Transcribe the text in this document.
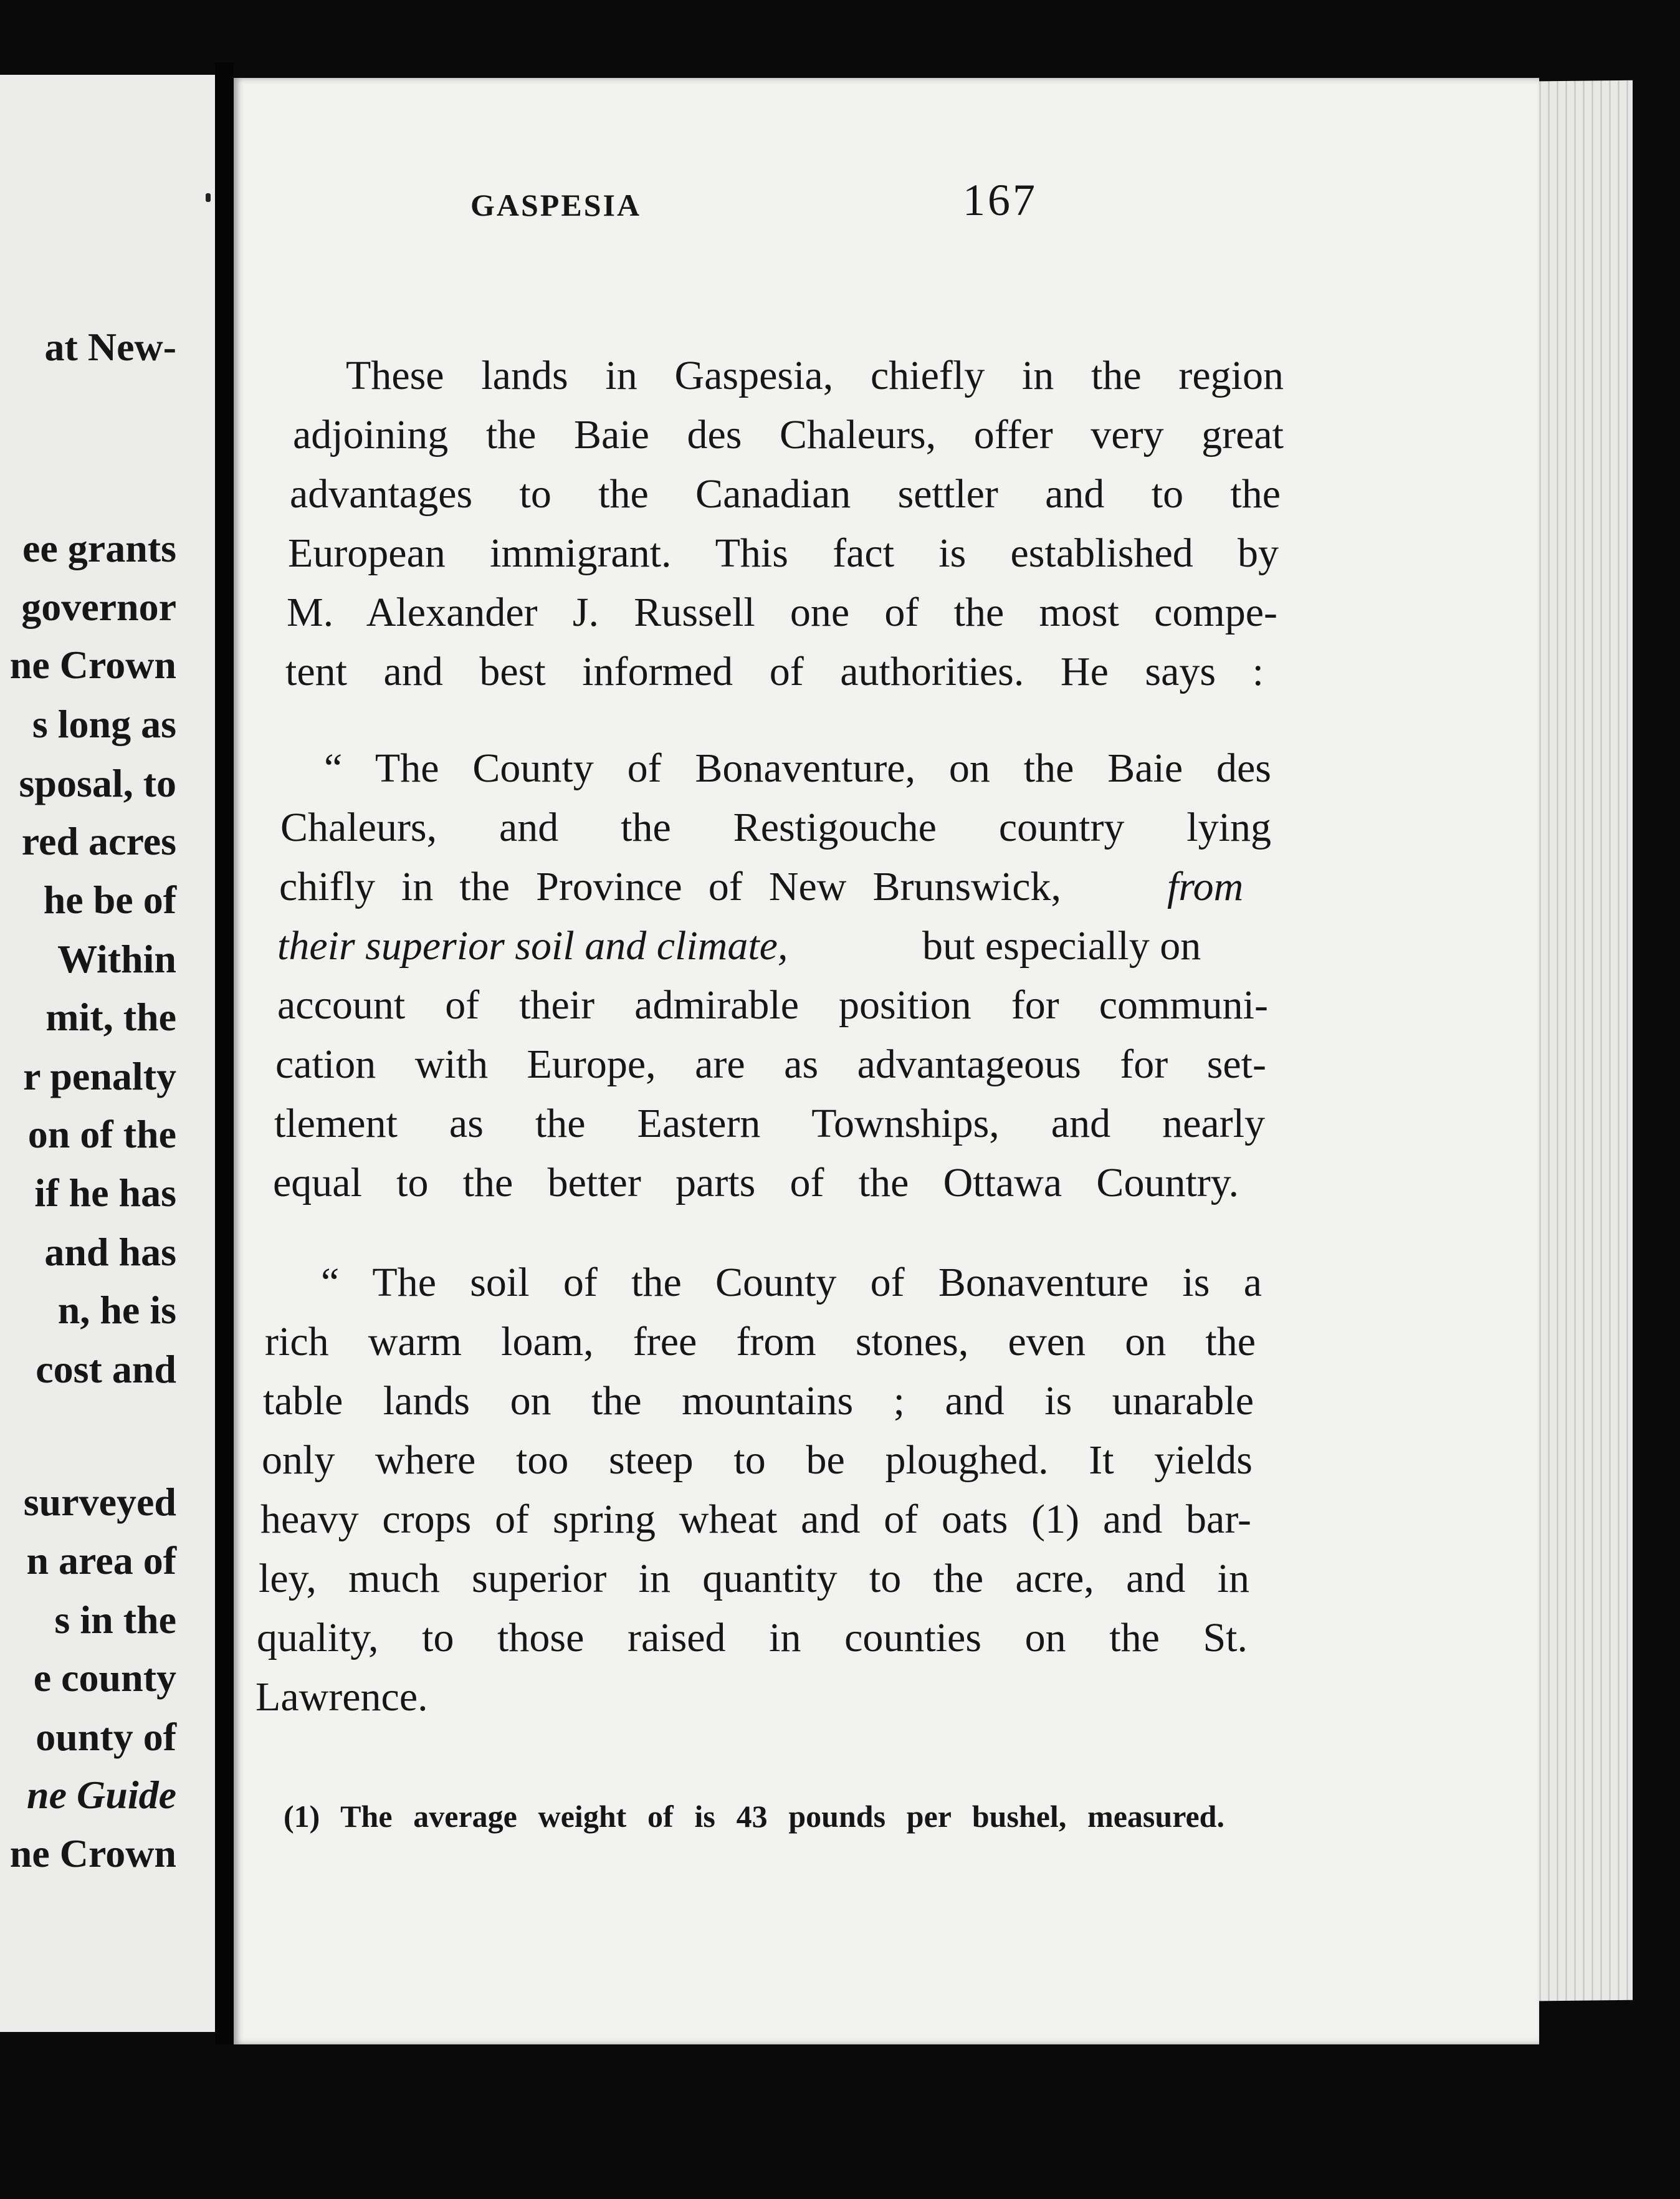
at New-
ee grants
governor
ne Crown
s long as
sposal, to
red acres
he be of
Within
mit, the
r penalty
on of the
if he has
and has
n, he is
cost and
surveyed
n area of
s in the
e county
ounty of
ne Guide
ne Crown
GASPESIA	167
These lands in Gaspesia, chiefly in the region
adjoining the Baie des Chaleurs, offer very great
advantages to the Canadian settler and to the
European immigrant. This fact is established by
M. Alexander J. Russell one of the most compe-
tent and best informed of authorities. He says :
“ The County of Bonaventure, on the Baie des
Chaleurs, and the Restigouche country lying
chifly in the Province of New Brunswick,	from
their superior soil and climate,	but especially on
account of their admirable position for communi-
cation with Europe, are as advantageous for set-
tlement as the Eastern Townships, and nearly
equal to the better parts of the Ottawa Country.
“ The soil of the County of Bonaventure is a
rich warm loam, free from stones, even on the
table lands on the mountains ; and is unarable
only where too steep to be ploughed. It yields
heavy crops of spring wheat and of oats (1) and bar-
ley, much superior in quantity to the acre, and in
quality, to those raised in counties on the St.
Lawrence.
(1) The average weight of is 43 pounds per bushel, measured.
